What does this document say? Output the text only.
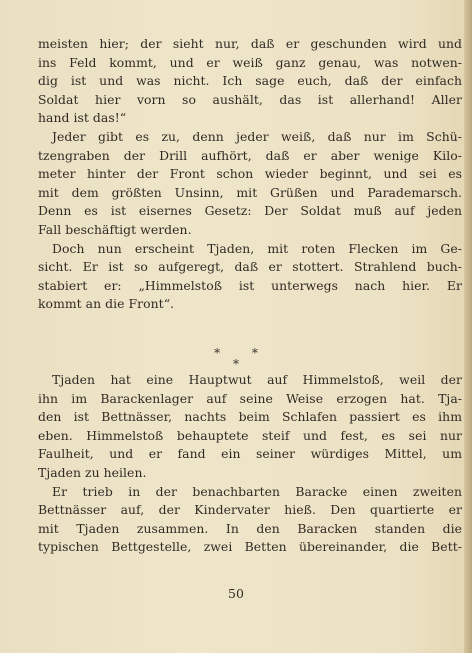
meisten hier; der sieht nur, daß er geschunden wird und
ins Feld kommt, und er weiß ganz genau, was notwen-
dig ist und was nicht. Ich sage euch, daß der einfach
Soldat hier vorn so aushält, das ist allerhand! Aller
hand ist das!“
Jeder gibt es zu, denn jeder weiß, daß nur im Schü-
tzengraben der Drill aufhört, daß er aber wenige Kilo-
meter hinter der Front schon wieder beginnt, und sei es
mit dem größten Unsinn, mit Grüßen und Parademarsch.
Denn es ist eisernes Gesetz: Der Soldat muß auf jeden
Fall beschäftigt werden.
Doch nun erscheint Tjaden, mit roten Flecken im Ge-
sicht. Er ist so aufgeregt, daß er stottert. Strahlend buch-
stabiert er: „Himmelstoß ist unterwegs nach hier. Er
kommt an die Front“.
* *
*
Tjaden hat eine Hauptwut auf Himmelstoß, weil der
ihn im Barackenlager auf seine Weise erzogen hat. Tja-
den ist Bettnässer, nachts beim Schlafen passiert es ihm
eben. Himmelstoß behauptete steif und fest, es sei nur
Faulheit, und er fand ein seiner würdiges Mittel, um
Tjaden zu heilen.
Er trieb in der benachbarten Baracke einen zweiten
Bettnässer auf, der Kindervater hieß. Den quartierte er
mit Tjaden zusammen. In den Baracken standen die
typischen Bettgestelle, zwei Betten übereinander, die Bett-
50
